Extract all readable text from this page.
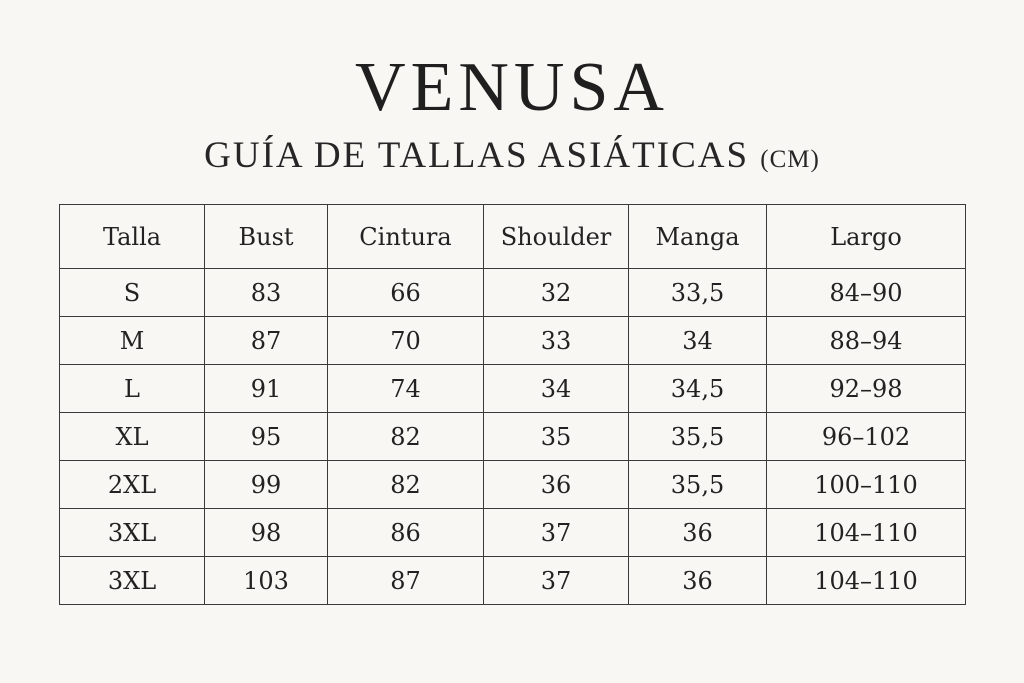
VENUSA
GUÍA DE TALLAS ASIÁTICAS (CM)
Talla	Bust	Cintura	Shoulder	Manga	Largo
S	83	66	32	33,5	84–90
M	87	70	33	34	88–94
L	91	74	34	34,5	92–98
XL	95	82	35	35,5	96–102
2XL	99	82	36	35,5	100–110
3XL	98	86	37	36	104–110
3XL	103	87	37	36	104–110
